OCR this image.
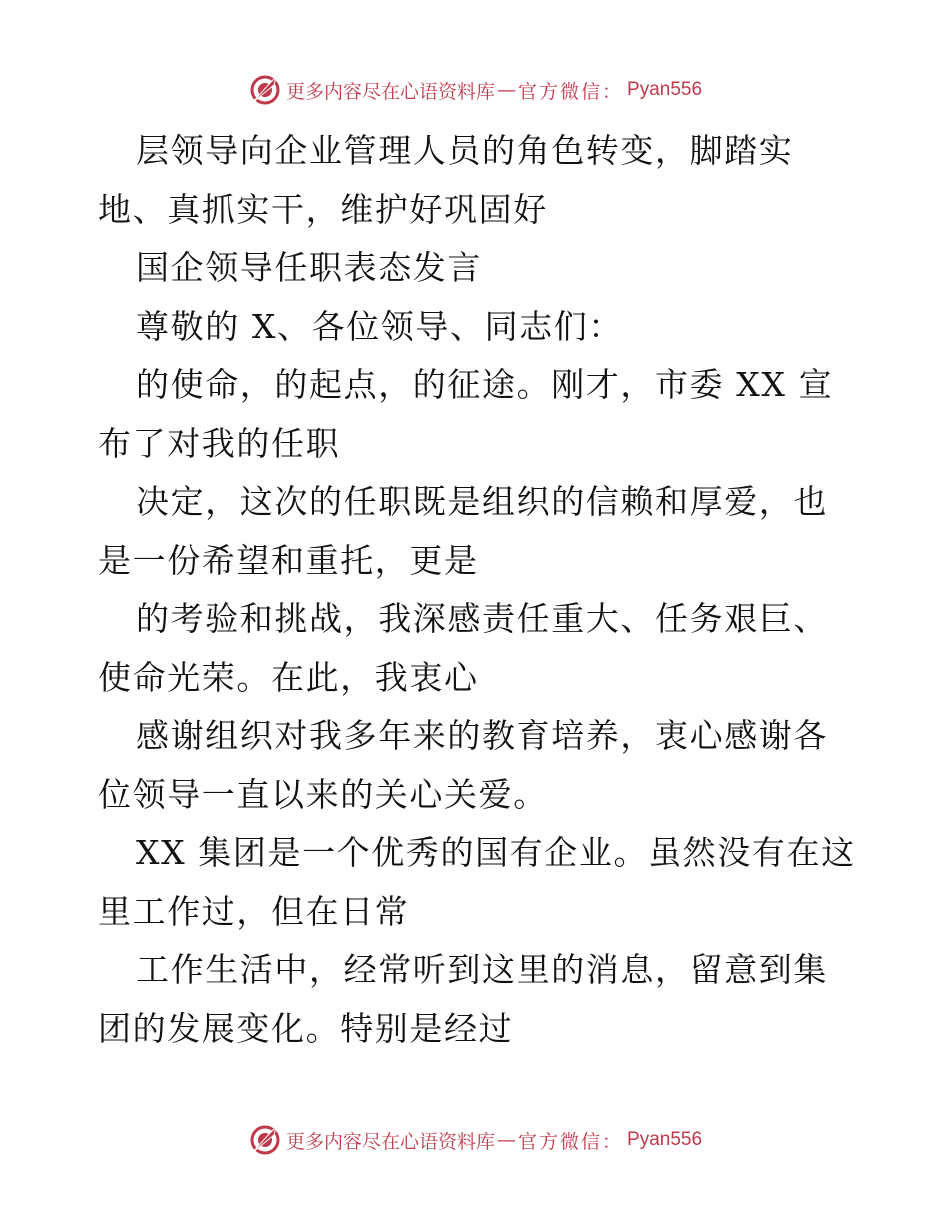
更多内容尽在心语资料库 — 官方微信 ： Pyan556

层领导向企业管理人员的角色转变，脚踏实地、真抓实干，维护好巩固好

国企领导任职表态发言

尊敬的 X、各位领导、同志们：

的使命，的起点，的征途。刚才，市委 XX 宣布了对我的任职

决定，这次的任职既是组织的信赖和厚爱，也是一份希望和重托，更是

的考验和挑战，我深感责任重大、任务艰巨、使命光荣。在此，我衷心

感谢组织对我多年来的教育培养，衷心感谢各位领导一直以来的关心关爱。

XX 集团是一个优秀的国有企业。虽然没有在这里工作过，但在日常

工作生活中，经常听到这里的消息，留意到集团的发展变化。特别是经过

更多内容尽在心语资料库 — 官方微信 ： Pyan556
